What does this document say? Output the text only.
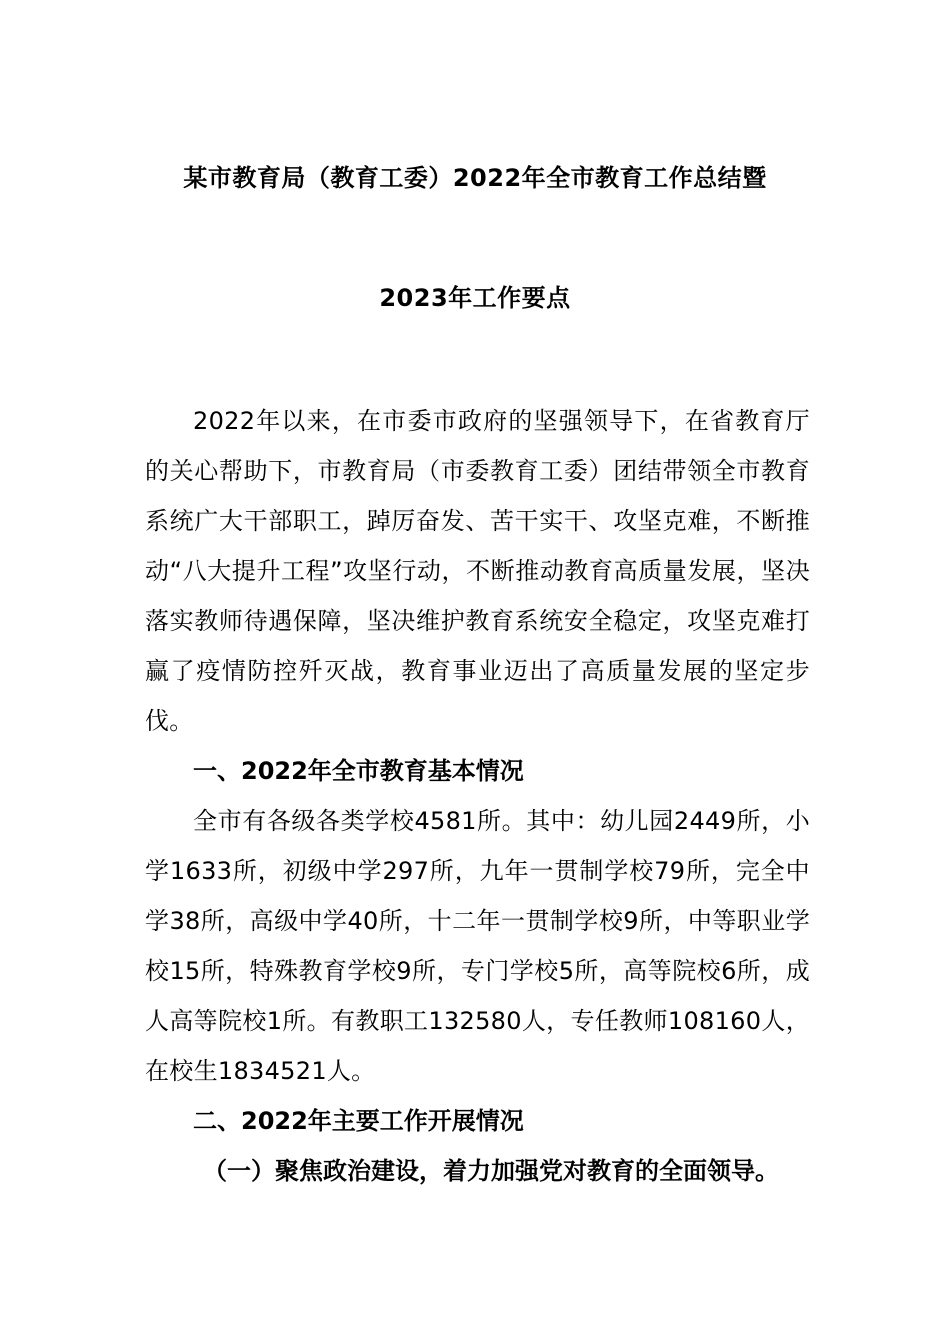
某市教育局（教育工委）2022年全市教育工作总结暨
2023年工作要点

2022年以来，在市委市政府的坚强领导下，在省教育厅的关心帮助下，市教育局（市委教育工委）团结带领全市教育系统广大干部职工，踔厉奋发、苦干实干、攻坚克难，不断推动“八大提升工程”攻坚行动，不断推动教育高质量发展，坚决落实教师待遇保障，坚决维护教育系统安全稳定，攻坚克难打赢了疫情防控歼灭战，教育事业迈出了高质量发展的坚定步伐。

一、2022年全市教育基本情况

全市有各级各类学校4581所。其中：幼儿园2449所，小学1633所，初级中学297所，九年一贯制学校79所，完全中学38所，高级中学40所，十二年一贯制学校9所，中等职业学校15所，特殊教育学校9所，专门学校5所，高等院校6所，成人高等院校1所。有教职工132580人，专任教师108160人，在校生1834521人。

二、2022年主要工作开展情况

（一）聚焦政治建设，着力加强党对教育的全面领导。
